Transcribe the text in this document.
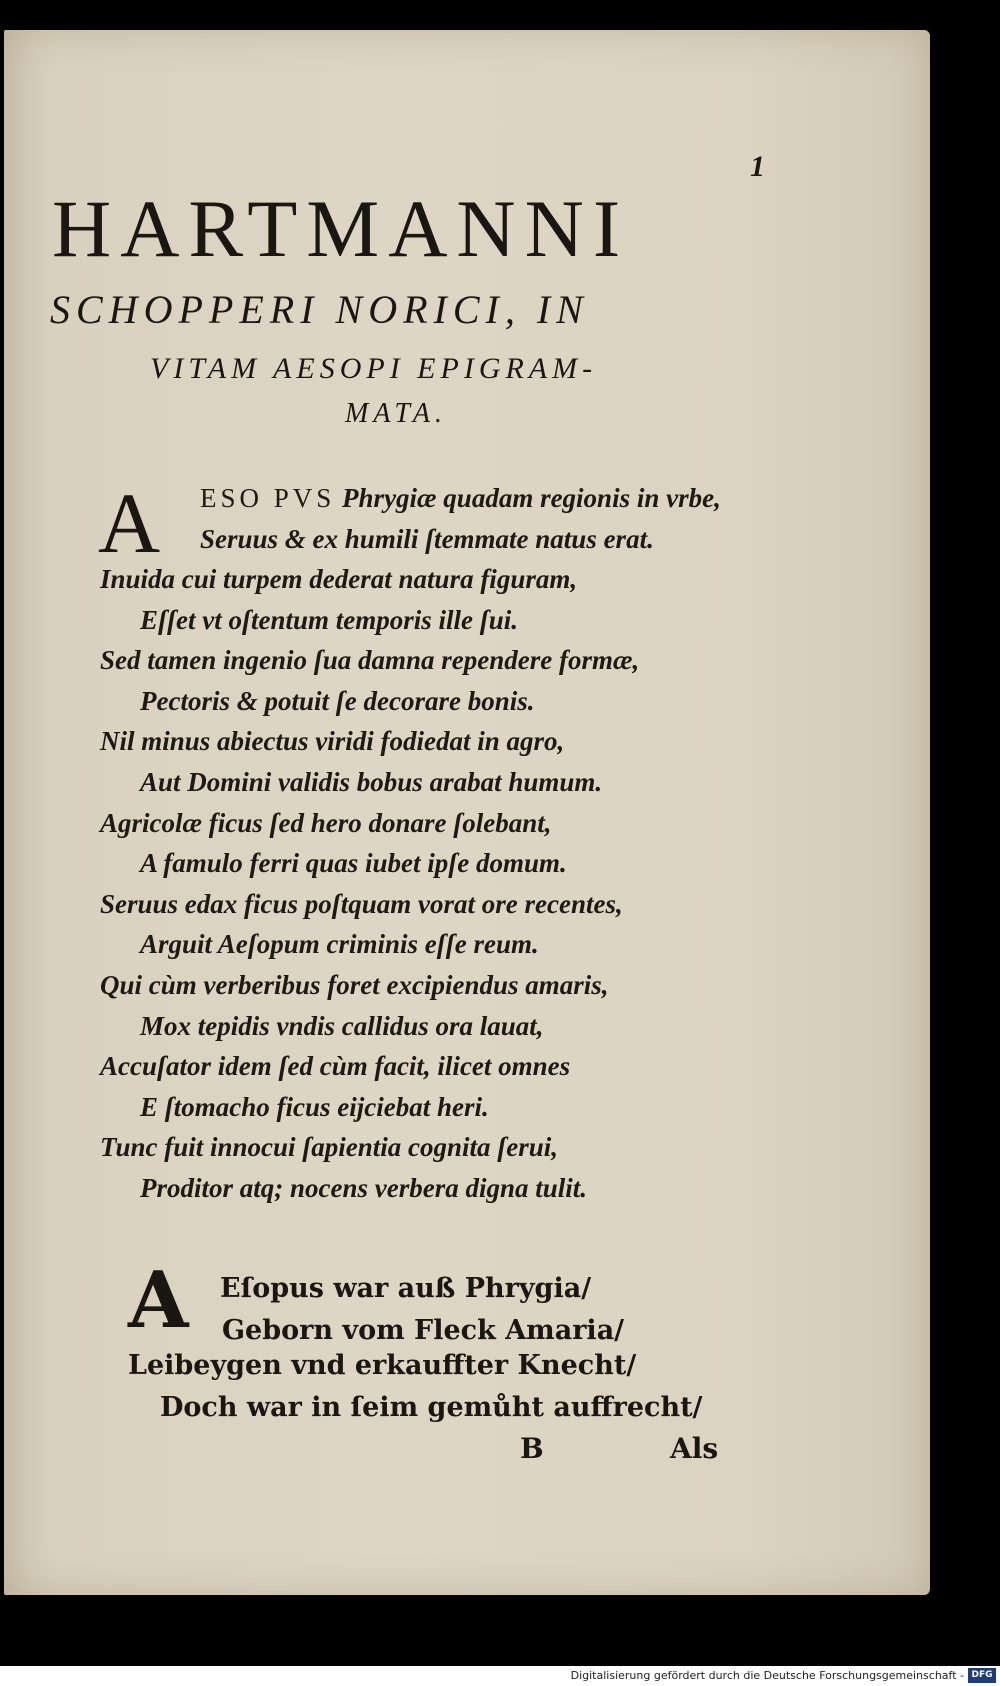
1
HARTMANNI
SCHOPPERI NORICI, IN
VITAM AESOPI EPIGRAM-
MATA.
A ESO PVS Phrygiæ quadam regionis in vrbe,
Seruus & ex humili ſtemmate natus erat.
Inuida cui turpem dederat natura figuram,
Eſſet vt oſtentum temporis ille ſui.
Sed tamen ingenio ſua damna rependere formæ,
Pectoris & potuit ſe decorare bonis.
Nil minus abiectus viridi fodiedat in agro,
Aut Domini validis bobus arabat humum.
Agricolæ ficus ſed hero donare ſolebant,
A famulo ferri quas iubet ipſe domum.
Seruus edax ficus poſtquam vorat ore recentes,
Arguit Aeſopum criminis eſſe reum.
Qui cùm verberibus foret excipiendus amaris,
Mox tepidis vndis callidus ora lauat,
Accuſator idem ſed cùm facit, ilicet omnes
E ſtomacho ficus eijciebat heri.
Tunc fuit innocui ſapientia cognita ſerui,
Proditor atq; nocens verbera digna tulit.
A Eſopus war auß Phrygia/
Geborn vom Fleck Amaria/
Leibeygen vnd erkauffter Knecht/
Doch war in ſeim gemůht auffrecht/
B	Als
Digitalisierung gefördert durch die Deutsche Forschungsgemeinschaft - DFG
